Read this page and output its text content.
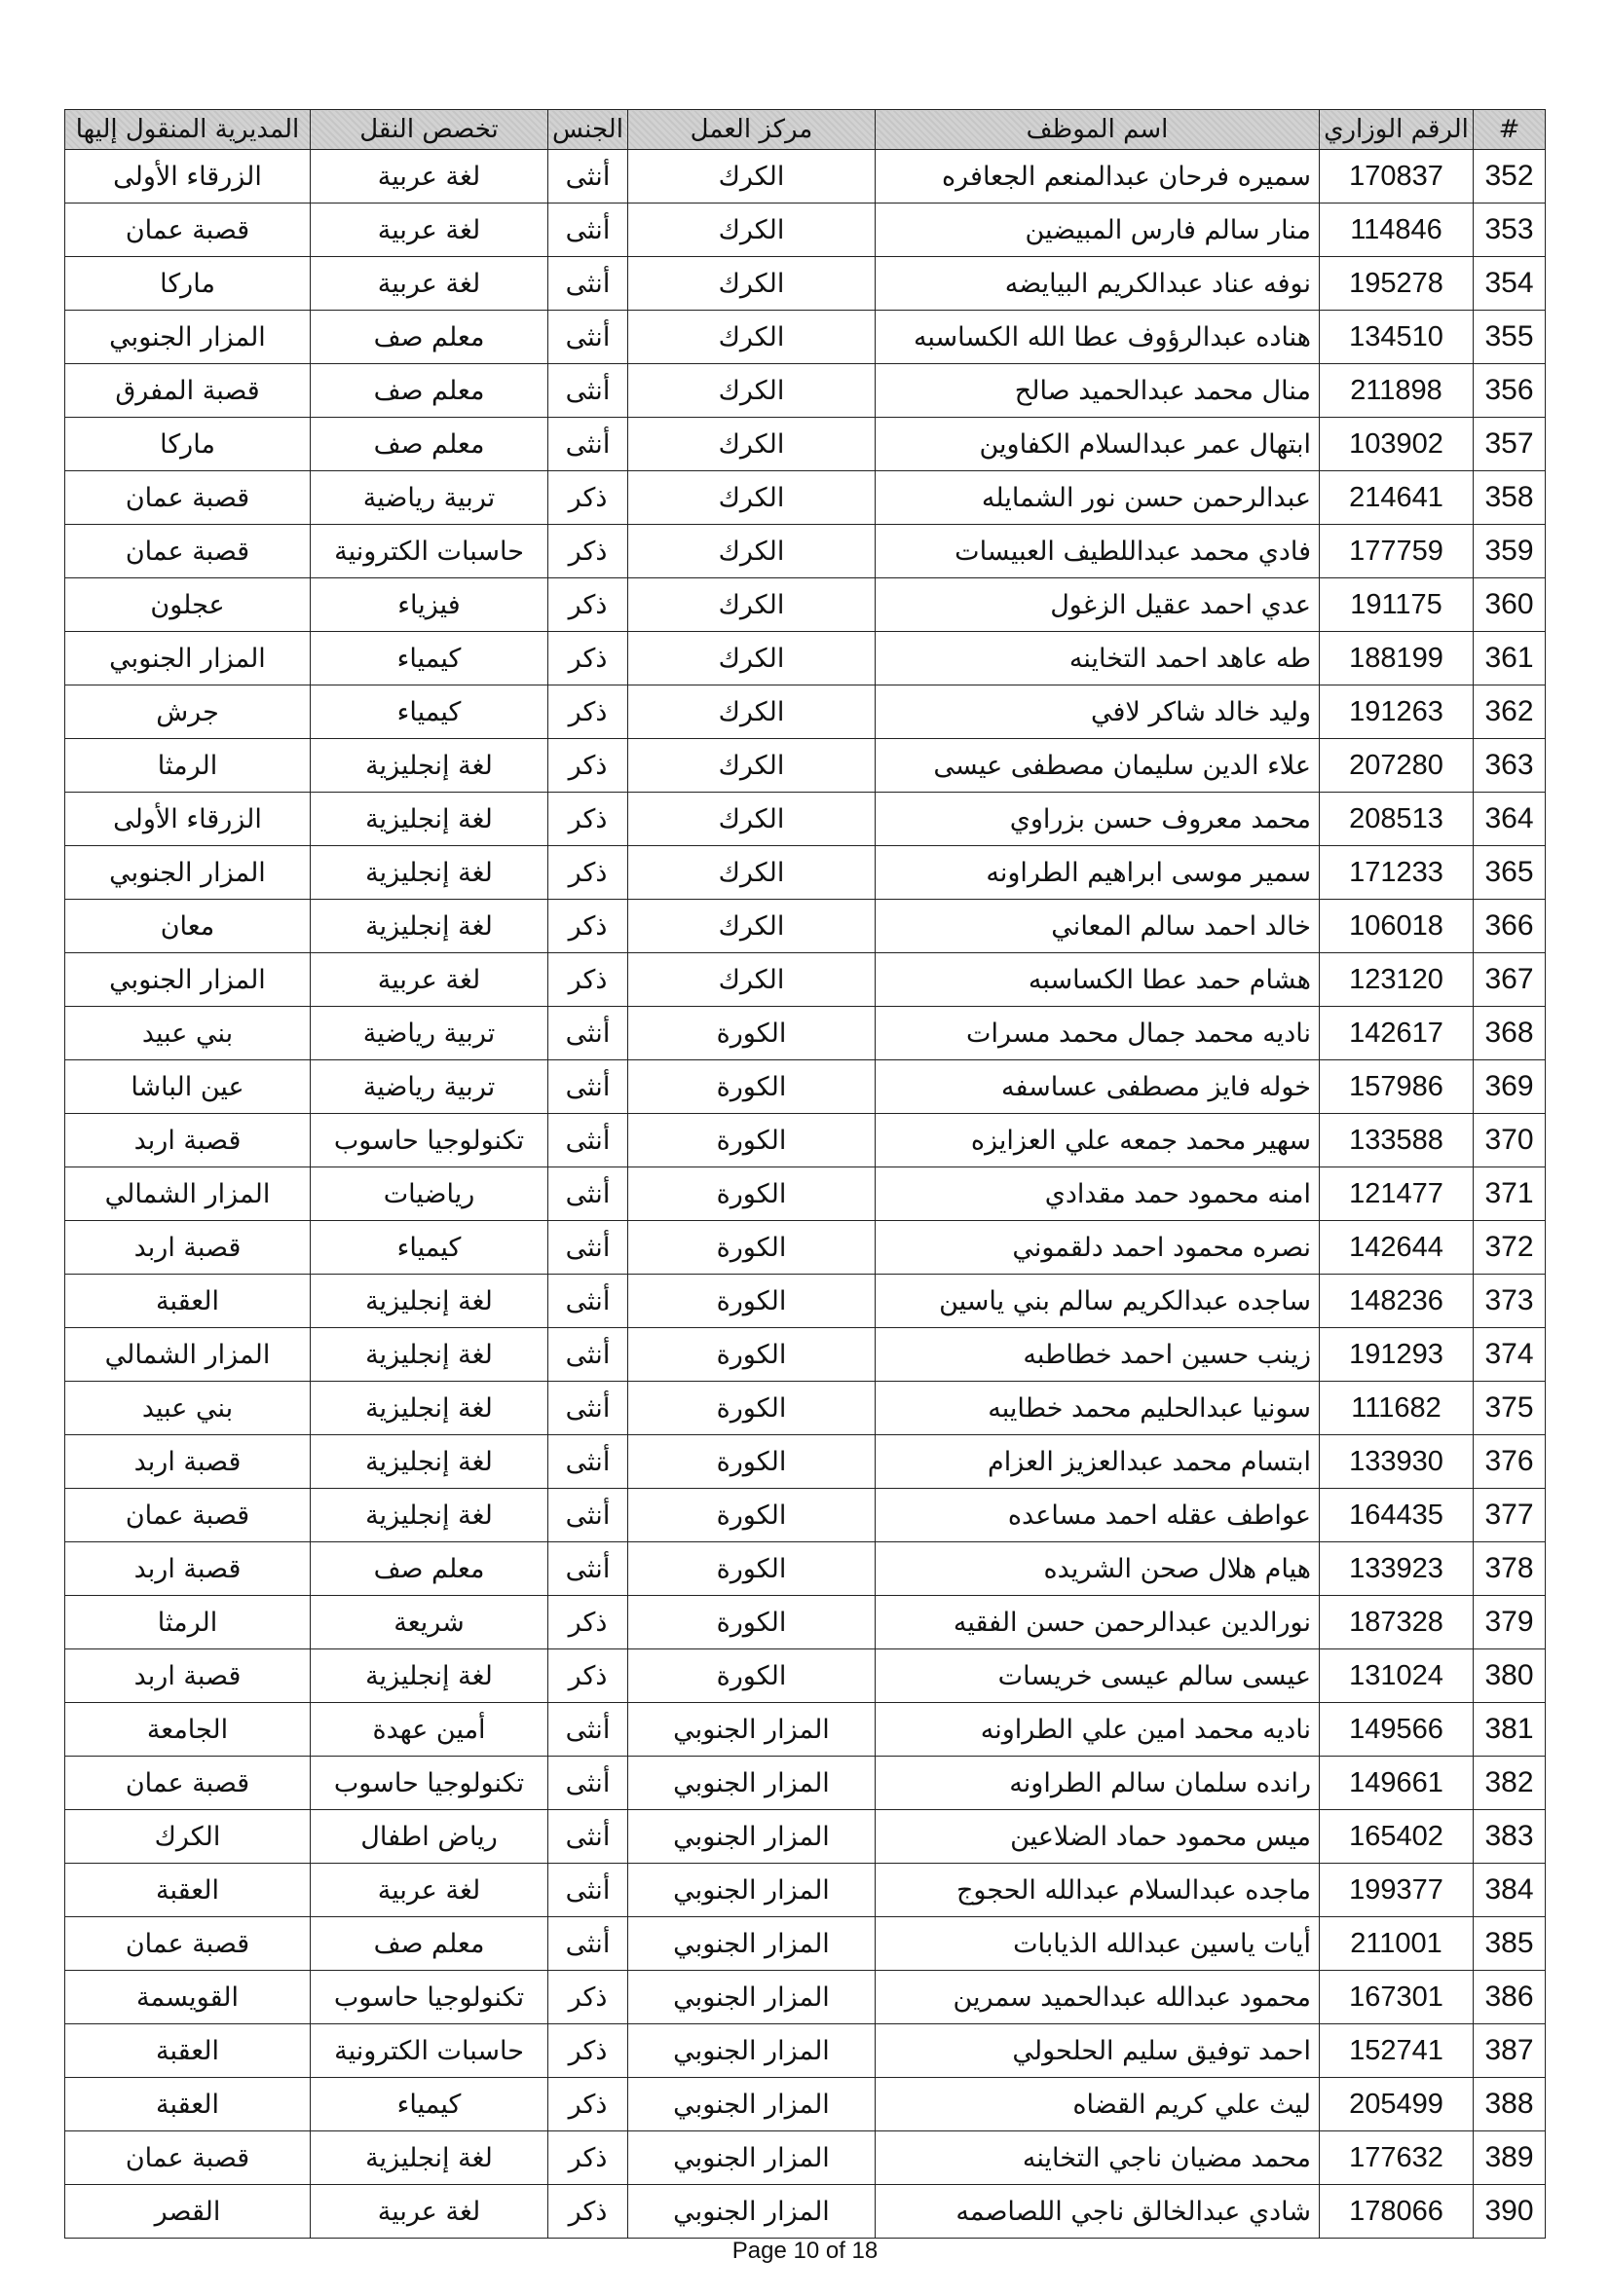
#	الرقم الوزاري	اسم الموظف	مركز العمل	الجنس	تخصص النقل	المديرية المنقول إليها
352	170837	سميره فرحان عبدالمنعم الجعافره	الكرك	أنثى	لغة عربية	الزرقاء الأولى
353	114846	منار سالم فارس المبيضين	الكرك	أنثى	لغة عربية	قصبة عمان
354	195278	نوفه عناد عبدالكريم البيايضه	الكرك	أنثى	لغة عربية	ماركا
355	134510	هناده عبدالرؤوف عطا الله الكساسبه	الكرك	أنثى	معلم صف	المزار الجنوبي
356	211898	منال محمد عبدالحميد صالح	الكرك	أنثى	معلم صف	قصبة المفرق
357	103902	ابتهال عمر عبدالسلام الكفاوين	الكرك	أنثى	معلم صف	ماركا
358	214641	عبدالرحمن حسن نور الشمايله	الكرك	ذكر	تربية رياضية	قصبة عمان
359	177759	فادي محمد عبداللطيف العبيسات	الكرك	ذكر	حاسبات الكترونية	قصبة عمان
360	191175	عدي احمد عقيل الزغول	الكرك	ذكر	فيزياء	عجلون
361	188199	طه عاهد احمد التخاينه	الكرك	ذكر	كيمياء	المزار الجنوبي
362	191263	وليد خالد شاكر لافي	الكرك	ذكر	كيمياء	جرش
363	207280	علاء الدين سليمان مصطفى عيسى	الكرك	ذكر	لغة إنجليزية	الرمثا
364	208513	محمد معروف حسن بزراوي	الكرك	ذكر	لغة إنجليزية	الزرقاء الأولى
365	171233	سمير موسى ابراهيم الطراونه	الكرك	ذكر	لغة إنجليزية	المزار الجنوبي
366	106018	خالد احمد سالم المعاني	الكرك	ذكر	لغة إنجليزية	معان
367	123120	هشام حمد عطا الكساسبه	الكرك	ذكر	لغة عربية	المزار الجنوبي
368	142617	ناديه محمد جمال محمد مسرات	الكورة	أنثى	تربية رياضية	بني عبيد
369	157986	خوله فايز مصطفى عساسفه	الكورة	أنثى	تربية رياضية	عين الباشا
370	133588	سهير محمد جمعه علي العزايزه	الكورة	أنثى	تكنولوجيا حاسوب	قصبة اربد
371	121477	امنه محمود حمد مقدادي	الكورة	أنثى	رياضيات	المزار الشمالي
372	142644	نصره محمود احمد دلقموني	الكورة	أنثى	كيمياء	قصبة اربد
373	148236	ساجده عبدالكريم سالم بني ياسين	الكورة	أنثى	لغة إنجليزية	العقبة
374	191293	زينب حسين احمد خطاطبه	الكورة	أنثى	لغة إنجليزية	المزار الشمالي
375	111682	سونيا عبدالحليم محمد خطايبه	الكورة	أنثى	لغة إنجليزية	بني عبيد
376	133930	ابتسام محمد عبدالعزيز العزام	الكورة	أنثى	لغة إنجليزية	قصبة اربد
377	164435	عواطف عقله احمد مساعده	الكورة	أنثى	لغة إنجليزية	قصبة عمان
378	133923	هيام هلال صحن الشريده	الكورة	أنثى	معلم صف	قصبة اربد
379	187328	نورالدين عبدالرحمن حسن الفقيه	الكورة	ذكر	شريعة	الرمثا
380	131024	عيسى سالم عيسى خريسات	الكورة	ذكر	لغة إنجليزية	قصبة اربد
381	149566	ناديه محمد امين علي الطراونه	المزار الجنوبي	أنثى	أمين عهدة	الجامعة
382	149661	رانده سلمان سالم الطراونه	المزار الجنوبي	أنثى	تكنولوجيا حاسوب	قصبة عمان
383	165402	ميس محمود حماد الضلاعين	المزار الجنوبي	أنثى	رياض اطفال	الكرك
384	199377	ماجده عبدالسلام عبدالله الحجوج	المزار الجنوبي	أنثى	لغة عربية	العقبة
385	211001	أيات ياسين عبدالله الذيابات	المزار الجنوبي	أنثى	معلم صف	قصبة عمان
386	167301	محمود عبدالله عبدالحميد سمرين	المزار الجنوبي	ذكر	تكنولوجيا حاسوب	القويسمة
387	152741	احمد توفيق سليم الحلحولي	المزار الجنوبي	ذكر	حاسبات الكترونية	العقبة
388	205499	ليث علي كريم القضاه	المزار الجنوبي	ذكر	كيمياء	العقبة
389	177632	محمد مضيان ناجي التخاينه	المزار الجنوبي	ذكر	لغة إنجليزية	قصبة عمان
390	178066	شادي عبدالخالق ناجي اللصاصمه	المزار الجنوبي	ذكر	لغة عربية	القصر
Page 10 of 18
